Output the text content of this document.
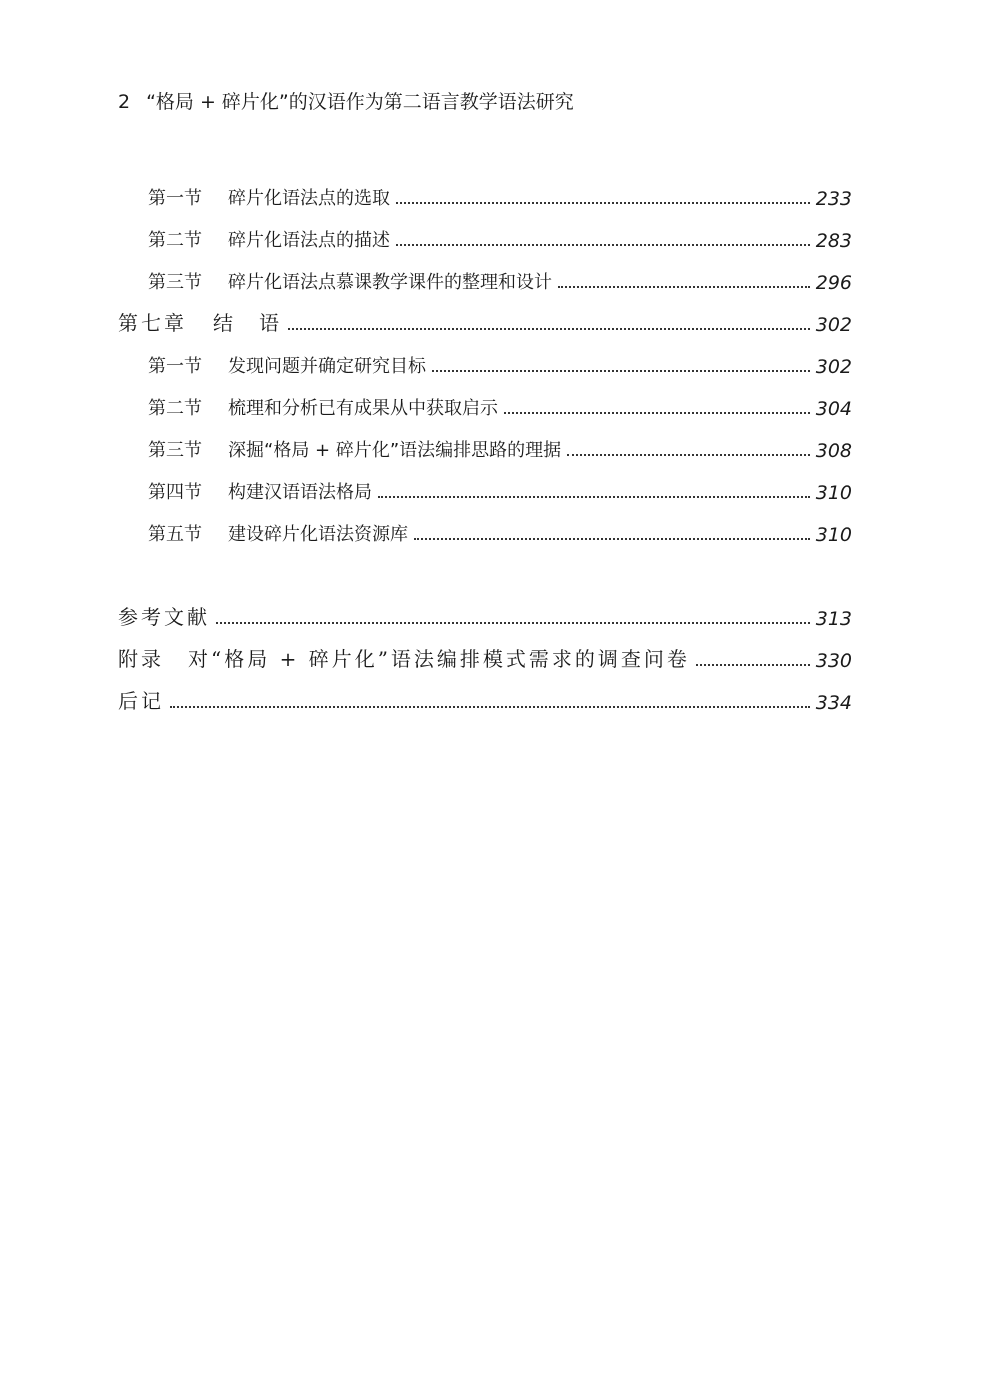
2 “格局 + 碎片化”的汉语作为第二语言教学语法研究
第一节	碎片化语法点的选取	233
第二节	碎片化语法点的描述	283
第三节	碎片化语法点慕课教学课件的整理和设计	296
第七章	结　语	302
第一节	发现问题并确定研究目标	302
第二节	梳理和分析已有成果从中获取启示	304
第三节	深掘“格局 + 碎片化”语法编排思路的理据	308
第四节	构建汉语语法格局	310
第五节	建设碎片化语法资源库	310
参考文献	313
附录	对“格局 + 碎片化”语法编排模式需求的调查问卷	330
后记	334
